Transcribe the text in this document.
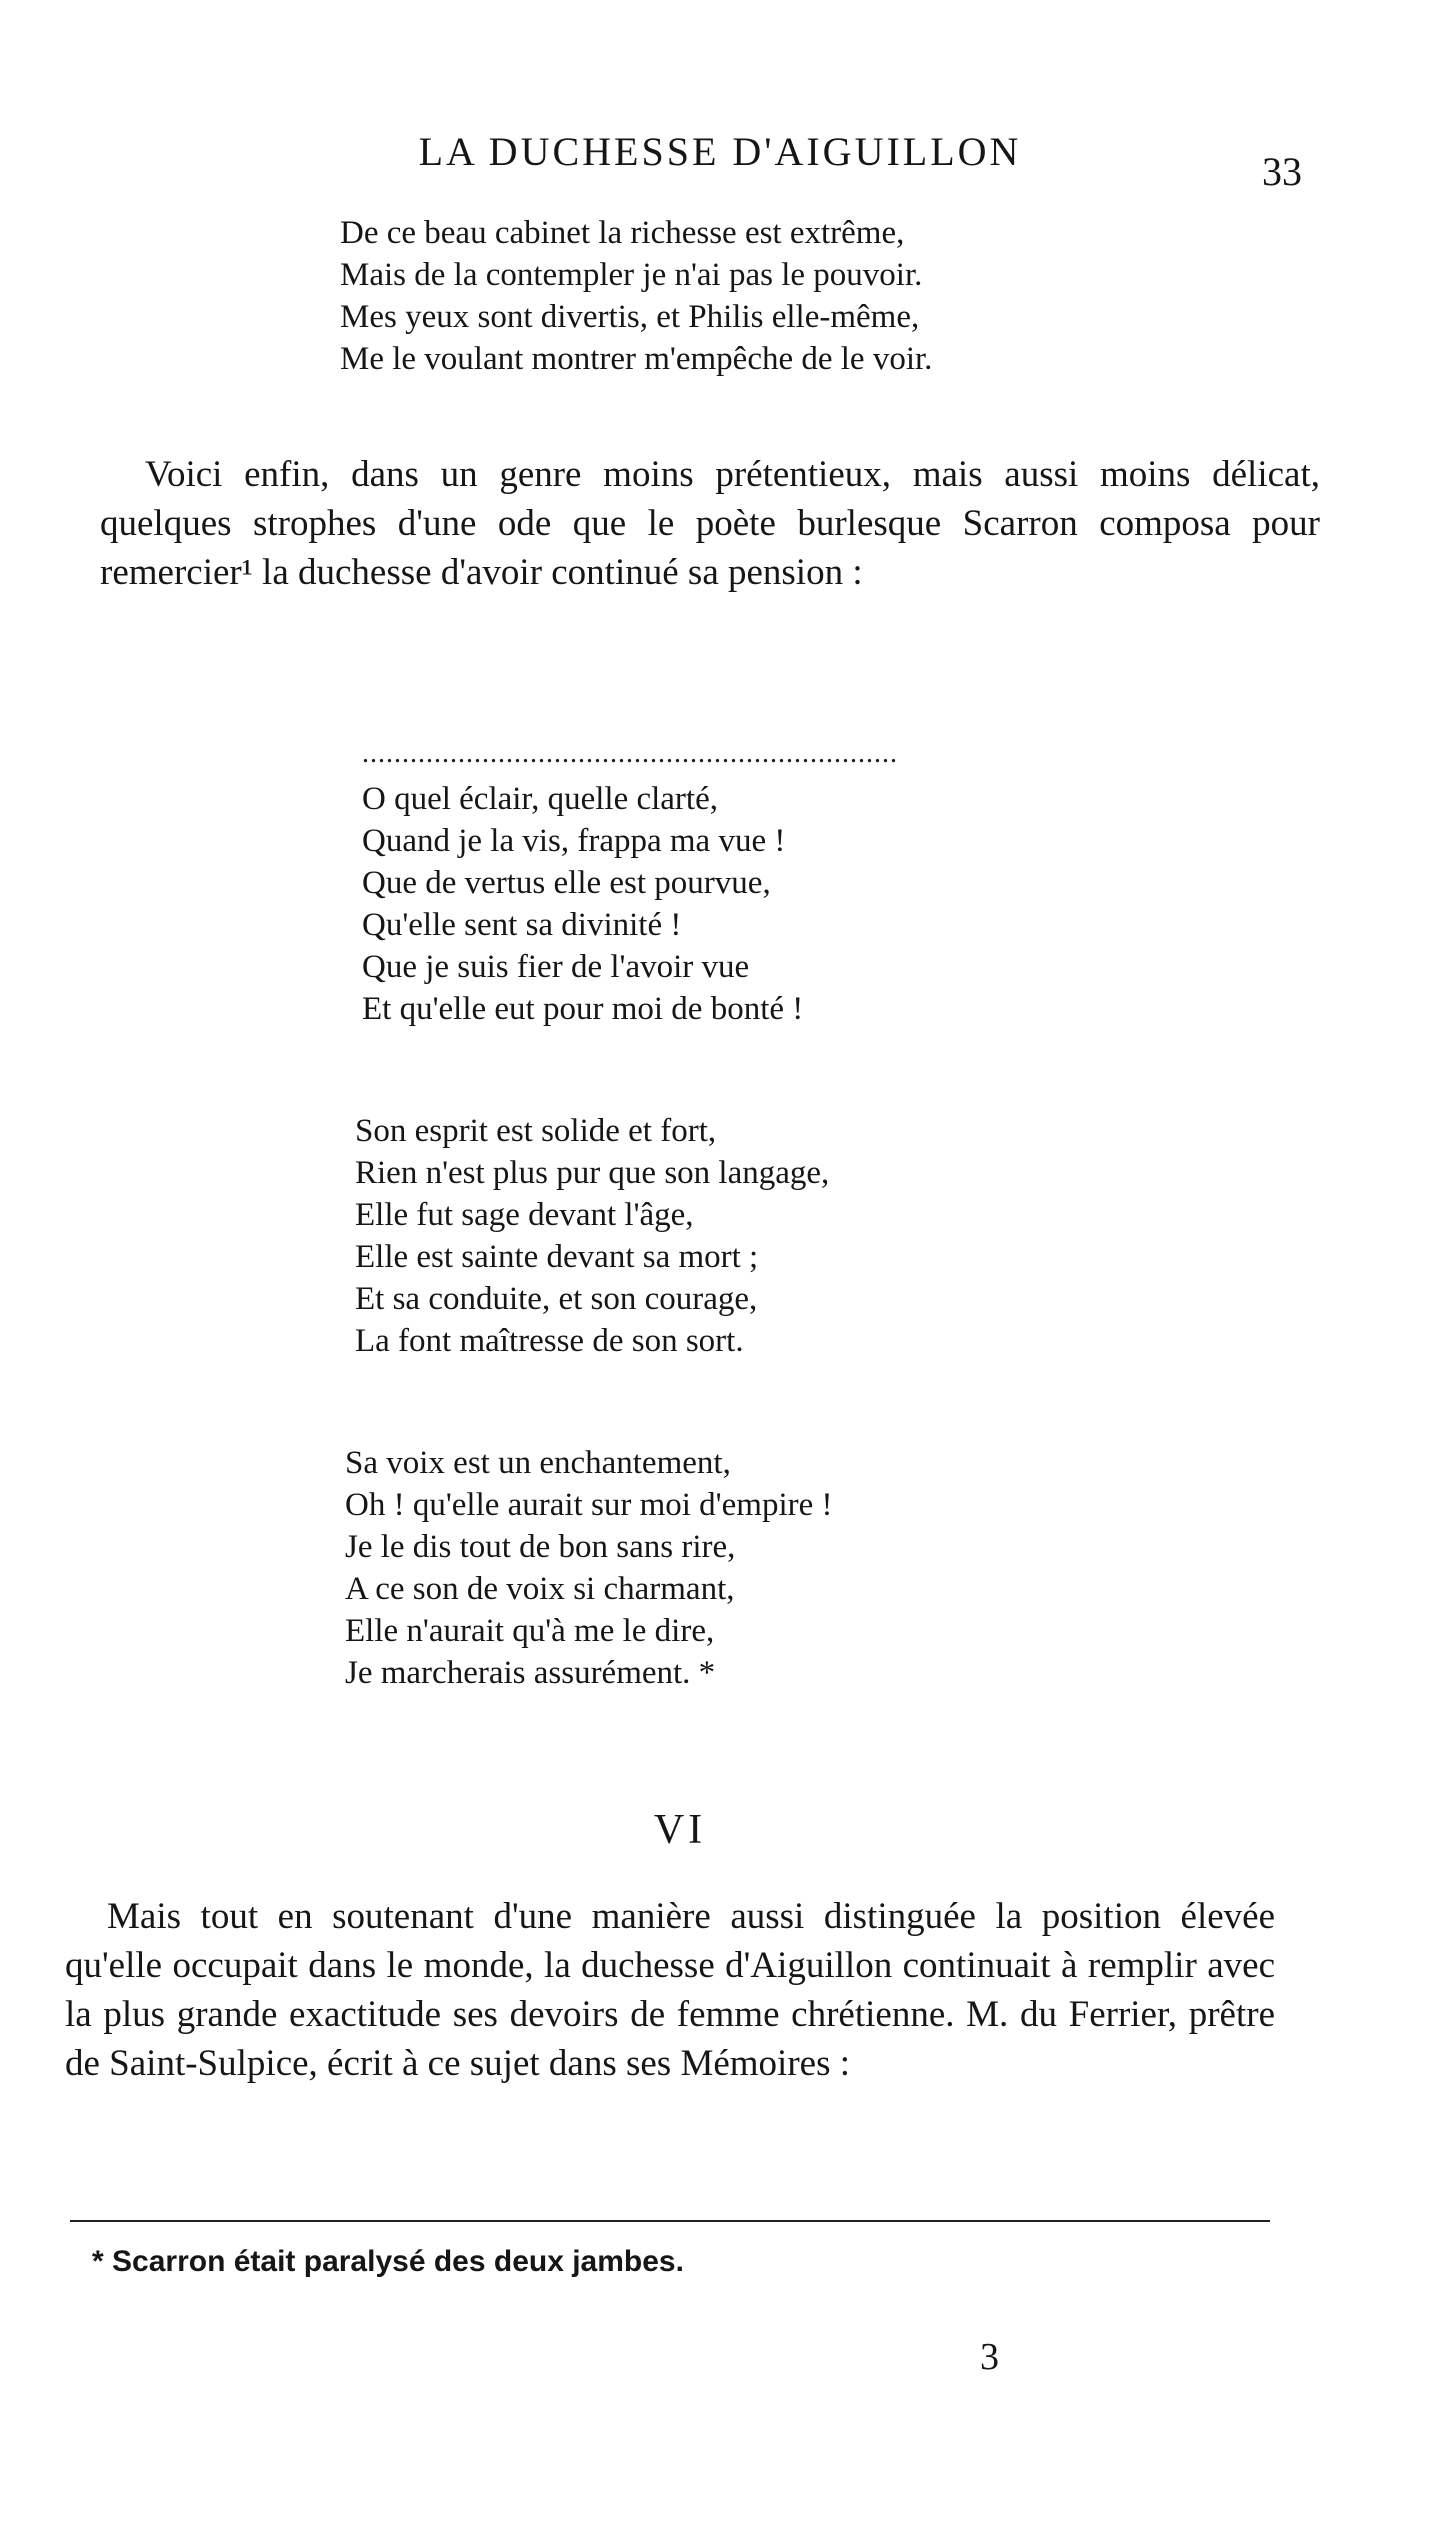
LA DUCHESSE D'AIGUILLON	33
De ce beau cabinet la richesse est extrême,
Mais de la contempler je n'ai pas le pouvoir.
Mes yeux sont divertis, et Philis elle-même,
Me le voulant montrer m'empêche de le voir.
Voici enfin, dans un genre moins prétentieux, mais aussi moins délicat, quelques strophes d'une ode que le poète burlesque Scarron composa pour remercier¹ la duchesse d'avoir continué sa pension :
...................................................................
O quel éclair, quelle clarté,
Quand je la vis, frappa ma vue !
Que de vertus elle est pourvue,
Qu'elle sent sa divinité !
Que je suis fier de l'avoir vue
Et qu'elle eut pour moi de bonté !
Son esprit est solide et fort,
Rien n'est plus pur que son langage,
Elle fut sage devant l'âge,
Elle est sainte devant sa mort ;
Et sa conduite, et son courage,
La font maîtresse de son sort.
Sa voix est un enchantement,
Oh ! qu'elle aurait sur moi d'empire !
Je le dis tout de bon sans rire,
A ce son de voix si charmant,
Elle n'aurait qu'à me le dire,
Je marcherais assurément. *
VI
Mais tout en soutenant d'une manière aussi distinguée la position élevée qu'elle occupait dans le monde, la duchesse d'Aiguillon continuait à remplir avec la plus grande exactitude ses devoirs de femme chrétienne. M. du Ferrier, prêtre de Saint-Sulpice, écrit à ce sujet dans ses Mémoires :
* Scarron était paralysé des deux jambes.
3
